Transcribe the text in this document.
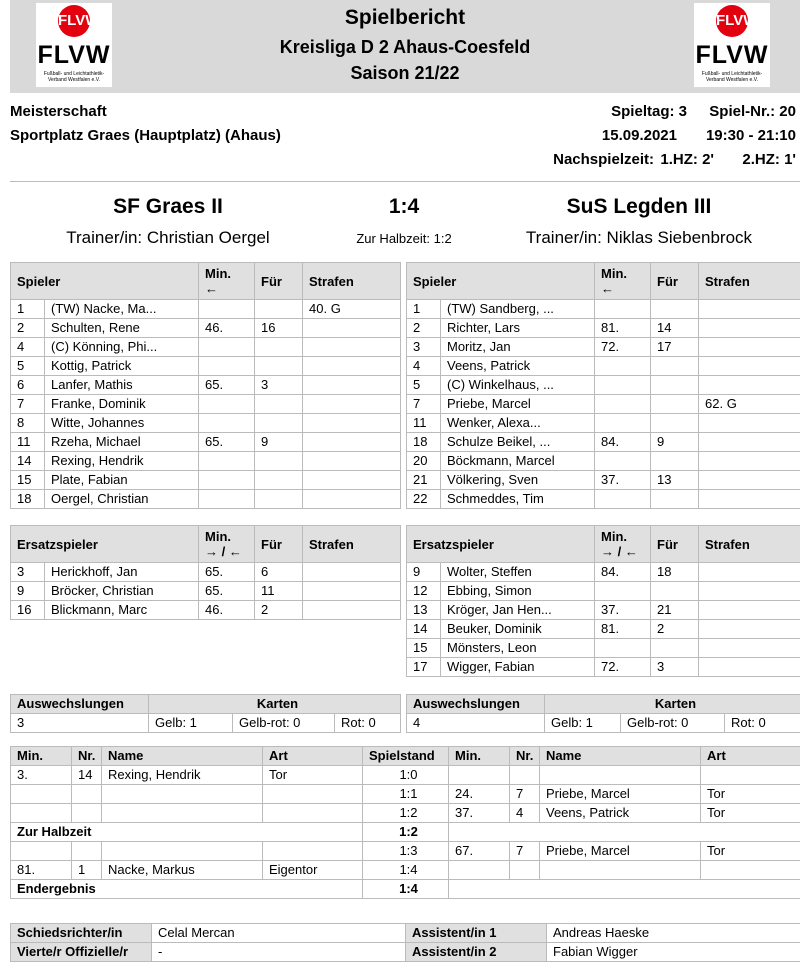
FLVW
FLVW
Fußball- und Leichtathletik-Verband Westfalen e.V.
FLVW
FLVW
Fußball- und Leichtathletik-Verband Westfalen e.V.
Spielbericht
Kreisliga D 2 Ahaus-Coesfeld
Saison 21/22
Meisterschaft
Sportplatz Graes (Hauptplatz) (Ahaus)
Spieltag: 3 Spiel-Nr.: 20
15.09.2021 19:30 - 21:10
Nachspielzeit: 1.HZ: 2' 2.HZ: 1'
SF Graes II	1:4	SuS Legden III
Trainer/in: Christian Oergel	Zur Halbzeit: 1:2	Trainer/in: Niklas Siebenbrock
Spieler		Min.
←	Für	Strafen
1	(TW) Nacke, Ma...			40. G
2	Schulten, Rene	46.	16	
4	(C) Könning, Phi...			
5	Kottig, Patrick			
6	Lanfer, Mathis	65.	3	
7	Franke, Dominik			
8	Witte, Johannes			
11	Rzeha, Michael	65.	9	
14	Rexing, Hendrik			
15	Plate, Fabian			
18	Oergel, Christian			
Spieler		Min.
←	Für	Strafen
1	(TW) Sandberg, ...			
2	Richter, Lars	81.	14	
3	Moritz, Jan	72.	17	
4	Veens, Patrick			
5	(C) Winkelhaus, ...			
7	Priebe, Marcel			62. G
11	Wenker, Alexa...			
18	Schulze Beikel, ...	84.	9	
20	Böckmann, Marcel			
21	Völkering, Sven	37.	13	
22	Schmeddes, Tim			
Ersatzspieler		Min.
→ / ←	Für	Strafen
3	Herickhoff, Jan	65.	6	
9	Bröcker, Christian	65.	11	
16	Blickmann, Marc	46.	2	
Ersatzspieler		Min.
→ / ←	Für	Strafen
9	Wolter, Steffen	84.	18	
12	Ebbing, Simon			
13	Kröger, Jan Hen...	37.	21	
14	Beuker, Dominik	81.	2	
15	Mönsters, Leon			
17	Wigger, Fabian	72.	3	
Auswechslungen	Karten		
3	Gelb: 1	Gelb-rot: 0	Rot: 0
Auswechslungen	Karten		
4	Gelb: 1	Gelb-rot: 0	Rot: 0
Min.	Nr.	Name	Art	Spielstand	Min.	Nr.	Name	Art
3.	14	Rexing, Hendrik	Tor	1:0				
				1:1	24.	7	Priebe, Marcel	Tor
				1:2	37.	4	Veens, Patrick	Tor
Zur Halbzeit				1:2				
				1:3	67.	7	Priebe, Marcel	Tor
81.	1	Nacke, Markus	Eigentor	1:4				
Endergebnis				1:4				
Schiedsrichter/in	Celal Mercan	Assistent/in 1	Andreas Haeske
Vierte/r Offizielle/r	-	Assistent/in 2	Fabian Wigger
